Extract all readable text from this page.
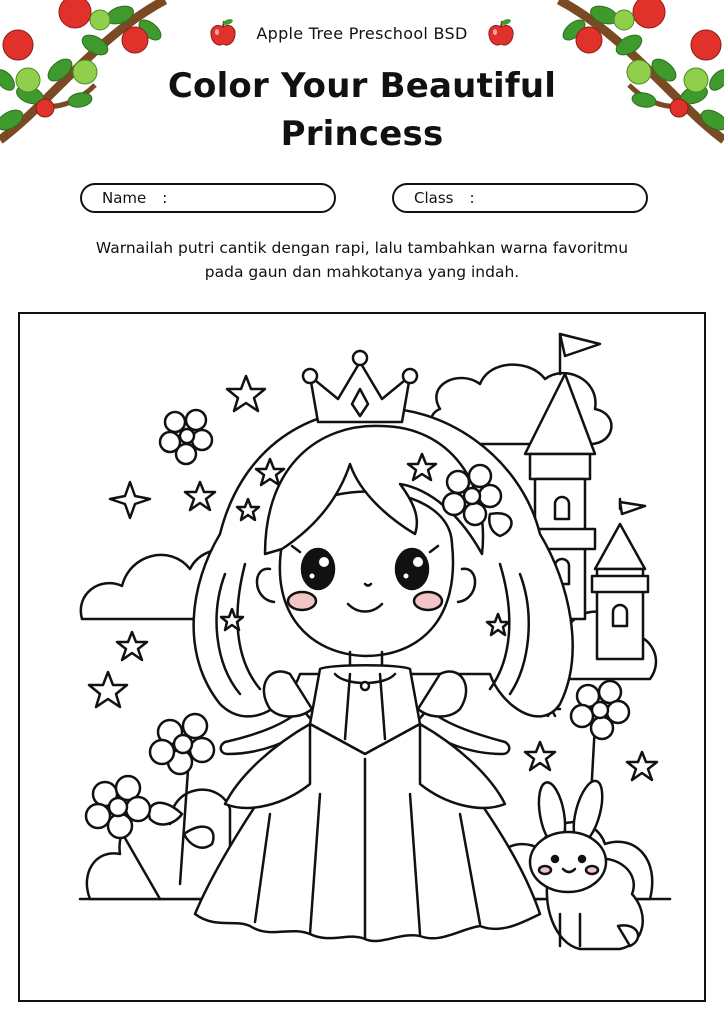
Apple Tree Preschool BSD
Color Your Beautiful
Princess
Name :	Class :

Warnailah putri cantik dengan rapi, lalu tambahkan warna favoritmu
pada gaun dan mahkotanya yang indah.
